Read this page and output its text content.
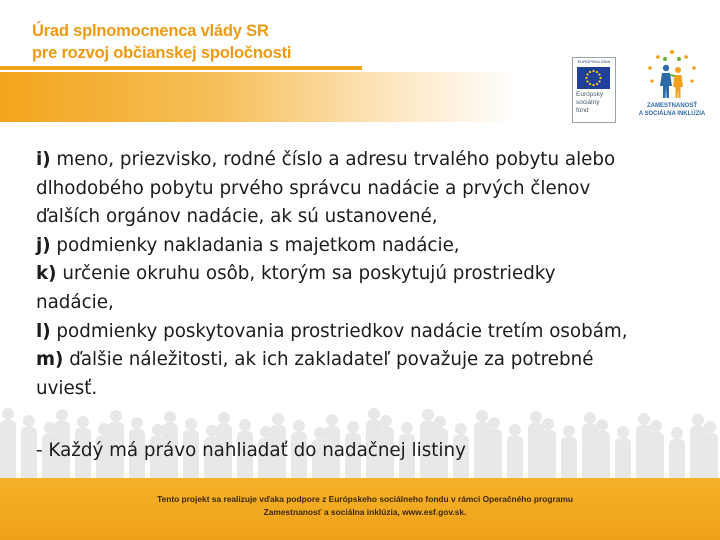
Úrad splnomocnenca vlády SR
pre rozvoj občianskej spoločnosti	EURÓPSKA ÚNIA
Európsky
sociálny
fond
ZAMESTNANOSŤ
A SOCIÁLNA INKLÚZIA

i) meno, priezvisko, rodné číslo a adresu trvalého pobytu alebo

dlhodobého pobytu prvého správcu nadácie a prvých členov

ďalších orgánov nadácie, ak sú ustanovené,

j) podmienky nakladania s majetkom nadácie,

k) určenie okruhu osôb, ktorým sa poskytujú prostriedky

nadácie,

l) podmienky poskytovania prostriedkov nadácie tretím osobám,

m) ďalšie náležitosti, ak ich zakladateľ považuje za potrebné

uviesť.

- Každý má právo nahliadať do nadačnej listiny
Tento projekt sa realizuje vďaka podpore z Európskeho sociálneho fondu v rámci Operačného programu
Zamestnanosť a sociálna inklúzia, www.esf.gov.sk.
